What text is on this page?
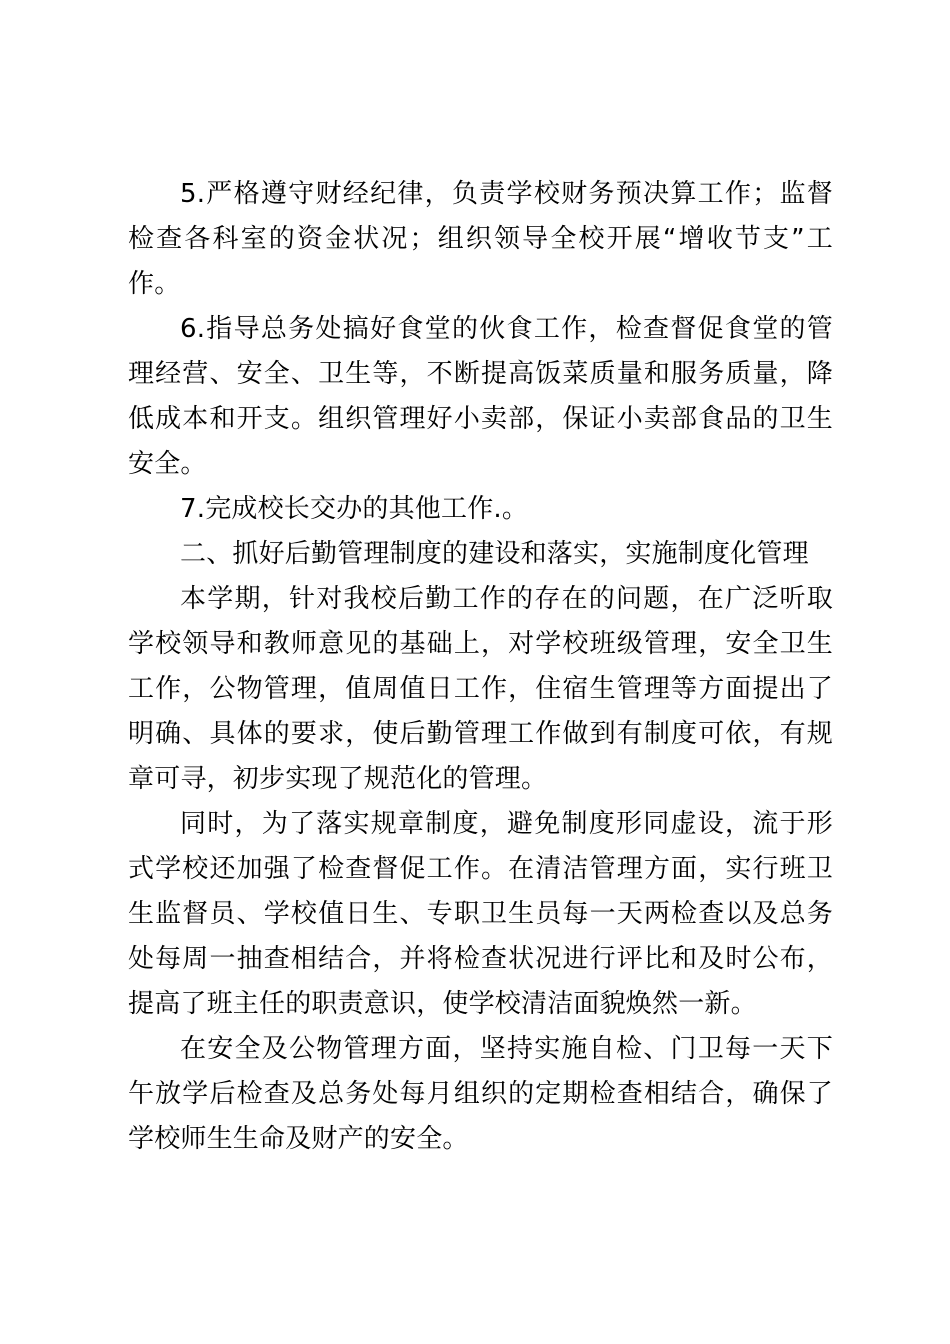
5.严格遵守财经纪律，负责学校财务预决算工作；监督检查各科室的资金状况；组织领导全校开展“增收节支”工作。

6.指导总务处搞好食堂的伙食工作，检查督促食堂的管理经营、安全、卫生等，不断提高饭菜质量和服务质量，降低成本和开支。组织管理好小卖部，保证小卖部食品的卫生安全。

7.完成校长交办的其他工作.。

二、抓好后勤管理制度的建设和落实，实施制度化管理

本学期，针对我校后勤工作的存在的问题，在广泛听取学校领导和教师意见的基础上，对学校班级管理，安全卫生工作，公物管理，值周值日工作，住宿生管理等方面提出了明确、具体的要求，使后勤管理工作做到有制度可依，有规章可寻，初步实现了规范化的管理。

同时，为了落实规章制度，避免制度形同虚设，流于形式学校还加强了检查督促工作。在清洁管理方面，实行班卫生监督员、学校值日生、专职卫生员每一天两检查以及总务处每周一抽查相结合，并将检查状况进行评比和及时公布，提高了班主任的职责意识，使学校清洁面貌焕然一新。

在安全及公物管理方面，坚持实施自检、门卫每一天下午放学后检查及总务处每月组织的定期检查相结合，确保了学校师生生命及财产的安全。
